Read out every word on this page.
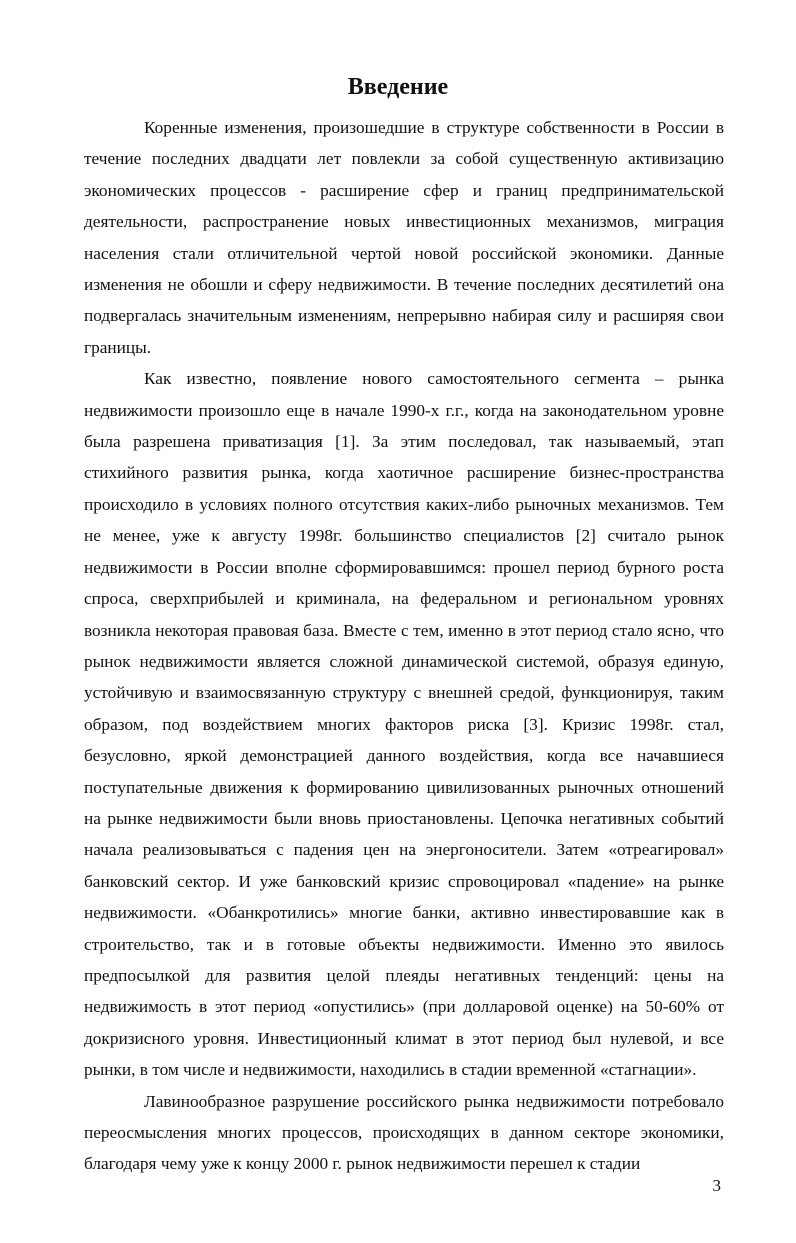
Введение

Коренные изменения, произошедшие в структуре собственности в России в течение последних двадцати лет повлекли за собой существенную активизацию экономических процессов - расширение сфер и границ предпринимательской деятельности, распространение новых инвестиционных механизмов, миграция населения стали отличительной чертой новой российской экономики. Данные изменения не обошли и сферу недвижимости. В течение последних десятилетий она подвергалась значительным изменениям, непрерывно набирая силу и расширяя свои границы.

Как известно, появление нового самостоятельного сегмента – рынка недвижимости произошло еще в начале 1990-х г.г., когда на законодательном уровне была разрешена приватизация [1]. За этим последовал, так называемый, этап стихийного развития рынка, когда хаотичное расширение бизнес-пространства происходило в условиях полного отсутствия каких-либо рыночных механизмов. Тем не менее, уже к августу 1998г. большинство специалистов [2] считало рынок недвижимости в России вполне сформировавшимся: прошел период бурного роста спроса, сверхприбылей и криминала, на федеральном и региональном уровнях возникла некоторая правовая база. Вместе с тем, именно в этот период стало ясно, что рынок недвижимости является сложной динамической системой, образуя единую, устойчивую и взаимосвязанную структуру с внешней средой, функционируя, таким образом, под воздействием многих факторов риска [3]. Кризис 1998г. стал, безусловно, яркой демонстрацией данного воздействия, когда все начавшиеся поступательные движения к формированию цивилизованных рыночных отношений на рынке недвижимости были вновь приостановлены. Цепочка негативных событий начала реализовываться с падения цен на энергоносители. Затем «отреагировал» банковский сектор. И уже банковский кризис спровоцировал «падение» на рынке недвижимости. «Обанкротились» многие банки, активно инвестировавшие как в строительство, так и в готовые объекты недвижимости. Именно это явилось предпосылкой для развития целой плеяды негативных тенденций: цены на недвижимость в этот период «опустились» (при долларовой оценке) на 50-60% от докризисного уровня. Инвестиционный климат в этот период был нулевой, и все рынки, в том числе и недвижимости, находились в стадии временной «стагнации».

Лавинообразное разрушение российского рынка недвижимости потребовало переосмысления многих процессов, происходящих в данном секторе экономики, благодаря чему уже к концу 2000 г. рынок недвижимости перешел к стадии

3
